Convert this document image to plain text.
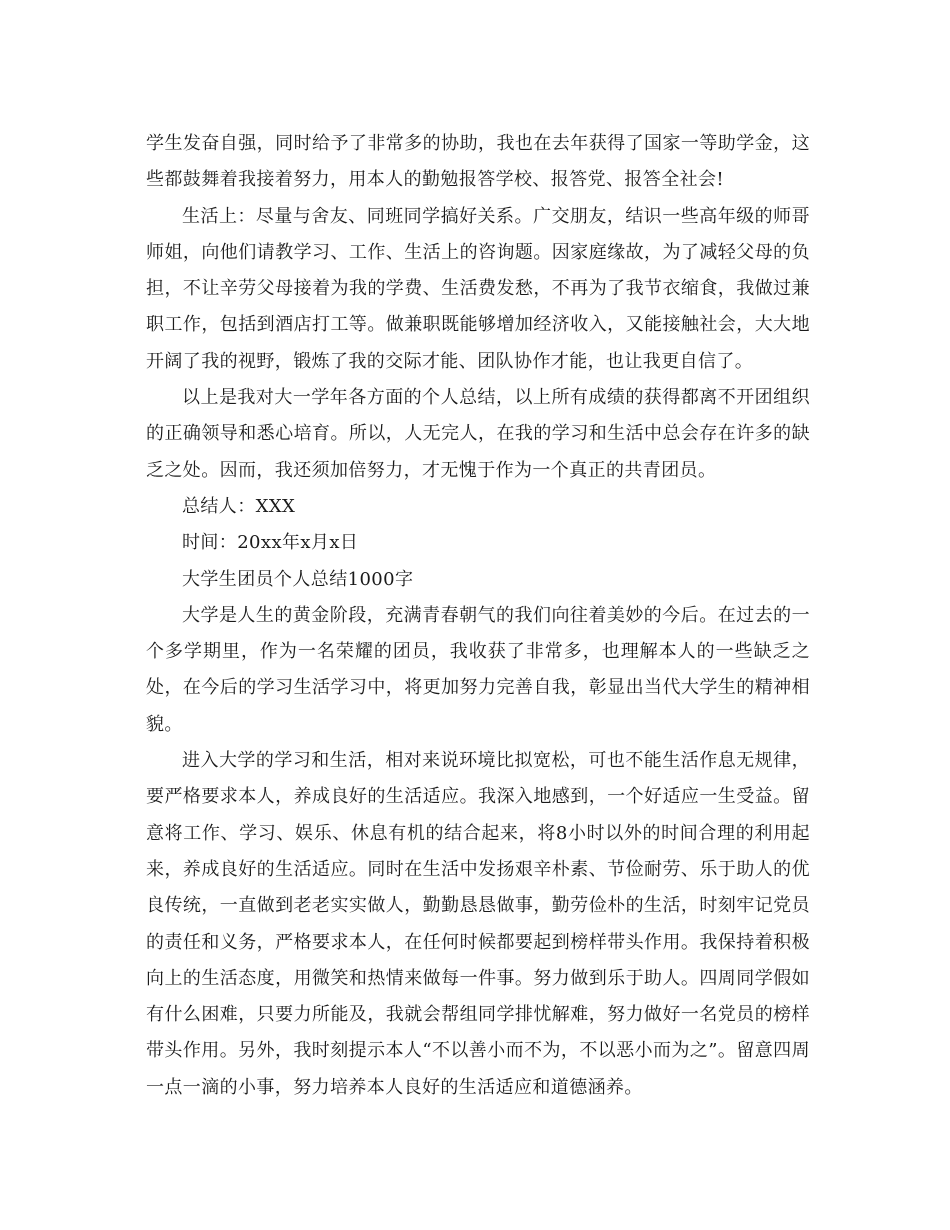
学生发奋自强，同时给予了非常多的协助，我也在去年获得了国家一等助学金，这些都鼓舞着我接着努力，用本人的勤勉报答学校、报答党、报答全社会!

生活上：尽量与舍友、同班同学搞好关系。广交朋友，结识一些高年级的师哥师姐，向他们请教学习、工作、生活上的咨询题。因家庭缘故，为了减轻父母的负担，不让辛劳父母接着为我的学费、生活费发愁，不再为了我节衣缩食，我做过兼职工作，包括到酒店打工等。做兼职既能够增加经济收入，又能接触社会，大大地开阔了我的视野，锻炼了我的交际才能、团队协作才能，也让我更自信了。

以上是我对大一学年各方面的个人总结，以上所有成绩的获得都离不开团组织的正确领导和悉心培育。所以，人无完人，在我的学习和生活中总会存在许多的缺乏之处。因而，我还须加倍努力，才无愧于作为一个真正的共青团员。

总结人：XXX

时间：20xx年x月x日

大学生团员个人总结1000字

大学是人生的黄金阶段，充满青春朝气的我们向往着美妙的今后。在过去的一个多学期里，作为一名荣耀的团员，我收获了非常多，也理解本人的一些缺乏之处，在今后的学习生活学习中，将更加努力完善自我，彰显出当代大学生的精神相貌。

进入大学的学习和生活，相对来说环境比拟宽松，可也不能生活作息无规律，要严格要求本人，养成良好的生活适应。我深入地感到，一个好适应一生受益。留意将工作、学习、娱乐、休息有机的结合起来，将8小时以外的时间合理的利用起来，养成良好的生活适应。同时在生活中发扬艰辛朴素、节俭耐劳、乐于助人的优良传统，一直做到老老实实做人，勤勤恳恳做事，勤劳俭朴的生活，时刻牢记党员的责任和义务，严格要求本人，在任何时候都要起到榜样带头作用。我保持着积极向上的生活态度，用微笑和热情来做每一件事。努力做到乐于助人。四周同学假如有什么困难，只要力所能及，我就会帮组同学排忧解难，努力做好一名党员的榜样带头作用。另外，我时刻提示本人“不以善小而不为，不以恶小而为之”。留意四周一点一滴的小事，努力培养本人良好的生活适应和道德涵养。
